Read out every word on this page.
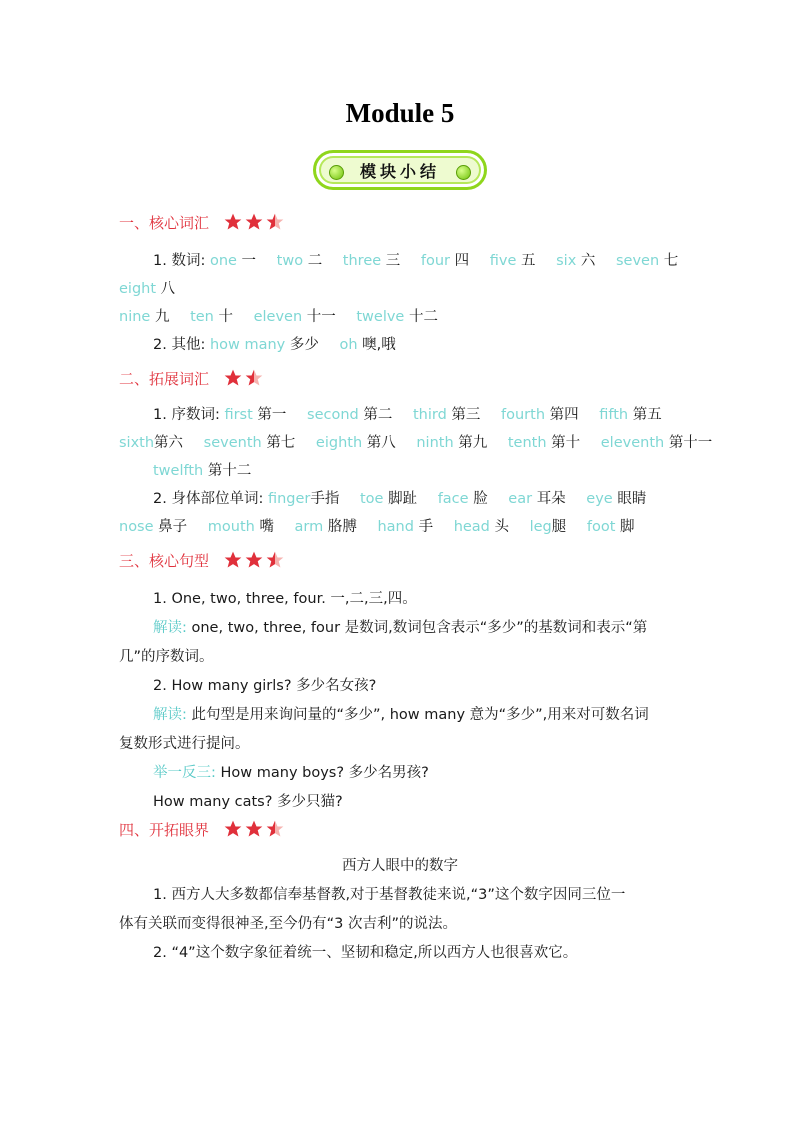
Module 5
模块小结
一、核心词汇
1. 数词: one 一 two 二 three 三 four 四 five 五 six 六 seven 七
eight 八
nine 九 ten 十 eleven 十一 twelve 十二
2. 其他: how many 多少 oh 噢,哦
二、拓展词汇
1. 序数词: first 第一 second 第二 third 第三 fourth 第四 fifth 第五
sixth第六 seventh 第七 eighth 第八 ninth 第九 tenth 第十 eleventh 第十一
twelfth 第十二
2. 身体部位单词: finger手指 toe 脚趾 face 脸 ear 耳朵 eye 眼睛
nose 鼻子 mouth 嘴 arm 胳膊 hand 手 head 头 leg腿 foot 脚
三、核心句型
1. One, two, three, four. 一,二,三,四。
解读: one, two, three, four 是数词,数词包含表示“多少”的基数词和表示“第
几”的序数词。
2. How many girls? 多少名女孩?
解读: 此句型是用来询问量的“多少”, how many 意为“多少”,用来对可数名词
复数形式进行提问。
举一反三: How many boys? 多少名男孩?
How many cats? 多少只猫?
四、开拓眼界
西方人眼中的数字
1. 西方人大多数都信奉基督教,对于基督教徒来说,“3”这个数字因同三位一
体有关联而变得很神圣,至今仍有“3 次吉利”的说法。
2. “4”这个数字象征着统一、坚韧和稳定,所以西方人也很喜欢它。
